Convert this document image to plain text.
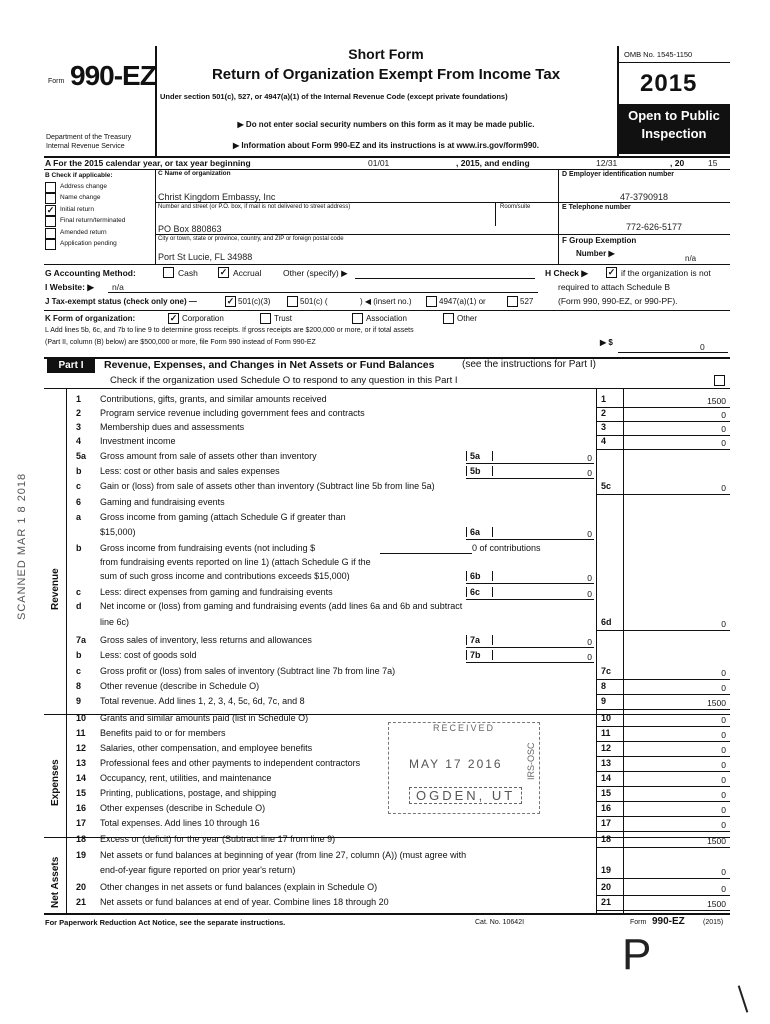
Form 990-EZ
Department of the Treasury
Internal Revenue Service
Short Form
Return of Organization Exempt From Income Tax
Under section 501(c), 527, or 4947(a)(1) of the Internal Revenue Code (except private foundations)
▶ Do not enter social security numbers on this form as it may be made public.
▶ Information about Form 990-EZ and its instructions is at www.irs.gov/form990.
OMB No. 1545-1150
2015
Open to Public
Inspection
A For the 2015 calendar year, or tax year beginning	01/01	, 2015, and ending	12/31	, 20	15
B Check if applicable:
Address change
Name change
✓ Initial return
Final return/terminated
Amended return
Application pending
C Name of organization
Christ Kingdom Embassy, Inc
Number and street (or P.O. box, if mail is not delivered to street address)	Room/suite
PO Box 880863
City or town, state or province, country, and ZIP or foreign postal code
Port St Lucie, FL 34988
D Employer identification number
47-3790918
E Telephone number
772-626-5177
F Group Exemption
Number ▶
n/a
G Accounting Method:	Cash ✓ Accrual	Other (specify) ▶	H Check ▶ ✓ if the organization is not
required to attach Schedule B
(Form 990, 990-EZ, or 990-PF).
I Website: ▶ n/a
J Tax-exempt status (check only one) —	✓ 501(c)(3)	501(c) (	) ◀ (insert no.)	4947(a)(1) or	527
K Form of organization:	✓ Corporation	Trust	Association	Other
L Add lines 5b, 6c, and 7b to line 9 to determine gross receipts. If gross receipts are $200,000 or more, or if total assets
(Part II, column (B) below) are $500,000 or more, file Form 990 instead of Form 990-EZ	▶ $	0
Part I	Revenue, Expenses, and Changes in Net Assets or Fund Balances	(see the instructions for Part I)
Check if the organization used Schedule O to respond to any question in this Part I
1	Contributions, gifts, grants, and similar amounts received	1	1500
2	Program service revenue including government fees and contracts	2	0
3	Membership dues and assessments	3	0
4	Investment income	4	0
5a	Gross amount from sale of assets other than inventory	5a	0
b	Less: cost or other basis and sales expenses	5b	0
c	Gain or (loss) from sale of assets other than inventory (Subtract line 5b from line 5a)	5c	0
6	Gaming and fundraising events
a	Gross income from gaming (attach Schedule G if greater than
$15,000)	6a	0
b	Gross income from fundraising events (not including $	0 of contributions
from fundraising events reported on line 1) (attach Schedule G if the
sum of such gross income and contributions exceeds $15,000)	6b	0
c	Less: direct expenses from gaming and fundraising events	6c	0
d	Net income or (loss) from gaming and fundraising events (add lines 6a and 6b and subtract
line 6c)	6d	0
7a	Gross sales of inventory, less returns and allowances	7a	0
b	Less: cost of goods sold	7b	0
c	Gross profit or (loss) from sales of inventory (Subtract line 7b from line 7a)	7c	0
8	Other revenue (describe in Schedule O)	8	0
9	Total revenue. Add lines 1, 2, 3, 4, 5c, 6d, 7c, and 8	9	1500
10	Grants and similar amounts paid (list in Schedule O)	10	0
11	Benefits paid to or for members	11	0
12	Salaries, other compensation, and employee benefits	12	0
13	Professional fees and other payments to independent contractors	13	0
14	Occupancy, rent, utilities, and maintenance	14	0
15	Printing, publications, postage, and shipping	15	0
16	Other expenses (describe in Schedule O)	16	0
17	Total expenses. Add lines 10 through 16	17	0
18	Excess or (deficit) for the year (Subtract line 17 from line 9)	18	1500
19	Net assets or fund balances at beginning of year (from line 27, column (A)) (must agree with
end-of-year figure reported on prior year's return)	19	0
20	Other changes in net assets or fund balances (explain in Schedule O)	20	0
21	Net assets or fund balances at end of year. Combine lines 18 through 20	21	1500
Revenue
Expenses
Net Assets
SCANNED MAR 1 8 2018
RECEIVED
MAY 17 2016
OGDEN, UT
IRS-OSC
For Paperwork Reduction Act Notice, see the separate instructions.	Cat. No. 10642I	Form 990-EZ	(2015)
P
